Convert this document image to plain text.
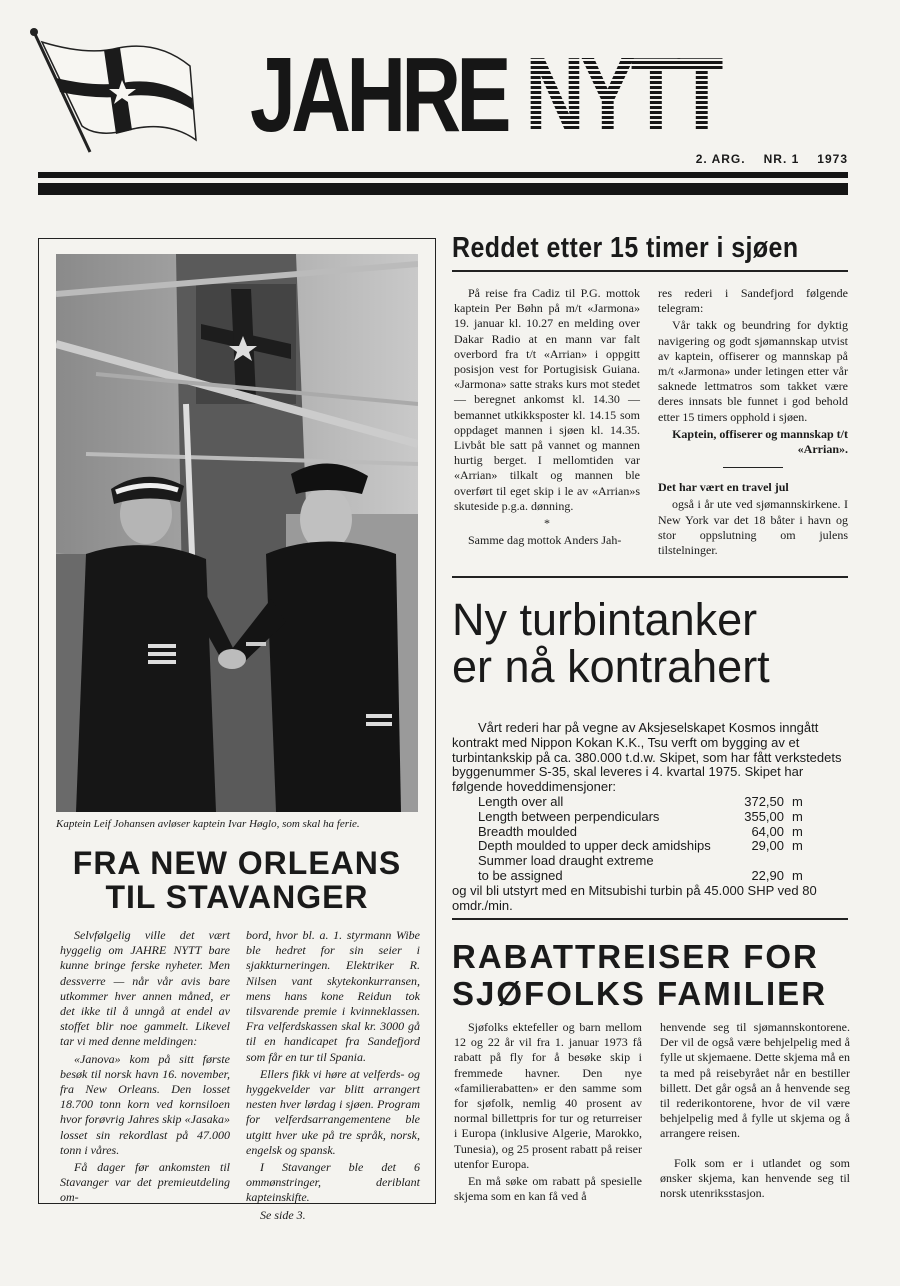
JAHRE NYTT
2. ARG. NR. 1 1973
Kaptein Leif Johansen avløser kaptein Ivar Høglo, som skal ha ferie.
FRA NEW ORLEANS
TIL STAVANGER

Selvfølgelig ville det vært hyggelig om JAHRE NYTT bare kunne bringe ferske nyheter. Men dessverre — når vår avis bare utkommer hver annen måned, er det ikke til å unngå at endel av stoffet blir noe gammelt. Likevel tar vi med denne meldingen:

«Janova» kom på sitt første besøk til norsk havn 16. november, fra New Orleans. Den losset 18.700 tonn korn ved kornsiloen hvor forøvrig Jahres skip «Jasaka» losset sin rekordlast på 47.000 tonn i våres.

Få dager før ankomsten til Stavanger var det premieutdeling om-

bord, hvor bl. a. 1. styrmann Wibe ble hedret for sin seier i sjakkturneringen. Elektriker R. Nilsen vant skytekonkurransen, mens hans kone Reidun tok tilsvarende premie i kvinneklassen. Fra velferdskassen skal kr. 3000 gå til en handicapet fra Sandefjord som får en tur til Spania.

Ellers fikk vi høre at velferds- og hyggekvelder var blitt arrangert nesten hver lørdag i sjøen. Program for velferdsarrangementene ble utgitt hver uke på tre språk, norsk, engelsk og spansk.

I Stavanger ble det 6 ommønstringer, deriblant kapteinskifte.

Se side 3.

Reddet etter 15 timer i sjøen

På reise fra Cadiz til P.G. mottok kaptein Per Bøhn på m/t «Jarmona» 19. januar kl. 10.27 en melding over Dakar Radio at en mann var falt overbord fra t/t «Arrian» i oppgitt posisjon vest for Portugisisk Guiana. «Jarmona» satte straks kurs mot stedet — beregnet ankomst kl. 14.30 — bemannet utkikksposter kl. 14.15 som oppdaget mannen i sjøen kl. 14.35. Livbåt ble satt på vannet og mannen hurtig berget. I mellomtiden var «Arrian» tilkalt og mannen ble overført til eget skip i le av «Arrian»s skuteside p.g.a. dønning.

*

Samme dag mottok Anders Jah-

res rederi i Sandefjord følgende telegram:

Vår takk og beundring for dyktig navigering og godt sjømannskap utvist av kaptein, offiserer og mannskap på m/t «Jarmona» under letingen etter vår saknede lettmatros som takket være deres innsats ble funnet i god behold etter 15 timers opphold i sjøen.

Kaptein, offiserer og mannskap t/t «Arrian».

Det har vært en travel jul

også i år ute ved sjømannskirkene. I New York var det 18 båter i havn og stor oppslutning om julens tilstelninger.

Ny turbintanker
er nå kontrahert
Vårt rederi har på vegne av Aksjeselskapet Kosmos inngått kontrakt med Nippon Kokan K.K., Tsu verft om bygging av et turbintankskip på ca. 380.000 t.d.w. Skipet, som har fått verkstedets byggenummer S-35, skal leveres i 4. kvartal 1975. Skipet har følgende hoveddimensjoner:
Length over all	372,50 m
Length between perpendiculars	355,00 m
Breadth moulded	64,00 m
Depth moulded to upper deck amidships	29,00 m
Summer load draught extreme
to be assigned	22,90 m
og vil bli utstyrt med en Mitsubishi turbin på 45.000 SHP ved 80 omdr./min.
RABATTREISER FOR
SJØFOLKS FAMILIER

Sjøfolks ektefeller og barn mellom 12 og 22 år vil fra 1. januar 1973 få rabatt på fly for å besøke skip i fremmede havner. Den nye «familierabatten» er den samme som for sjøfolk, nemlig 40 prosent av normal billettpris for tur og returreiser i Europa (inklusive Algerie, Marokko, Tunesia), og 25 prosent rabatt på reiser utenfor Europa.

En må søke om rabatt på spesielle skjema som en kan få ved å

henvende seg til sjømannskontorene. Der vil de også være behjelpelig med å fylle ut skjemaene. Dette skjema må en ta med på reisebyrået når en bestiller billett. Det går også an å henvende seg til rederikontorene, hvor de vil være behjelpelig med å fylle ut skjema og å arrangere reisen.

Folk som er i utlandet og som ønsker skjema, kan henvende seg til norsk utenriksstasjon.
